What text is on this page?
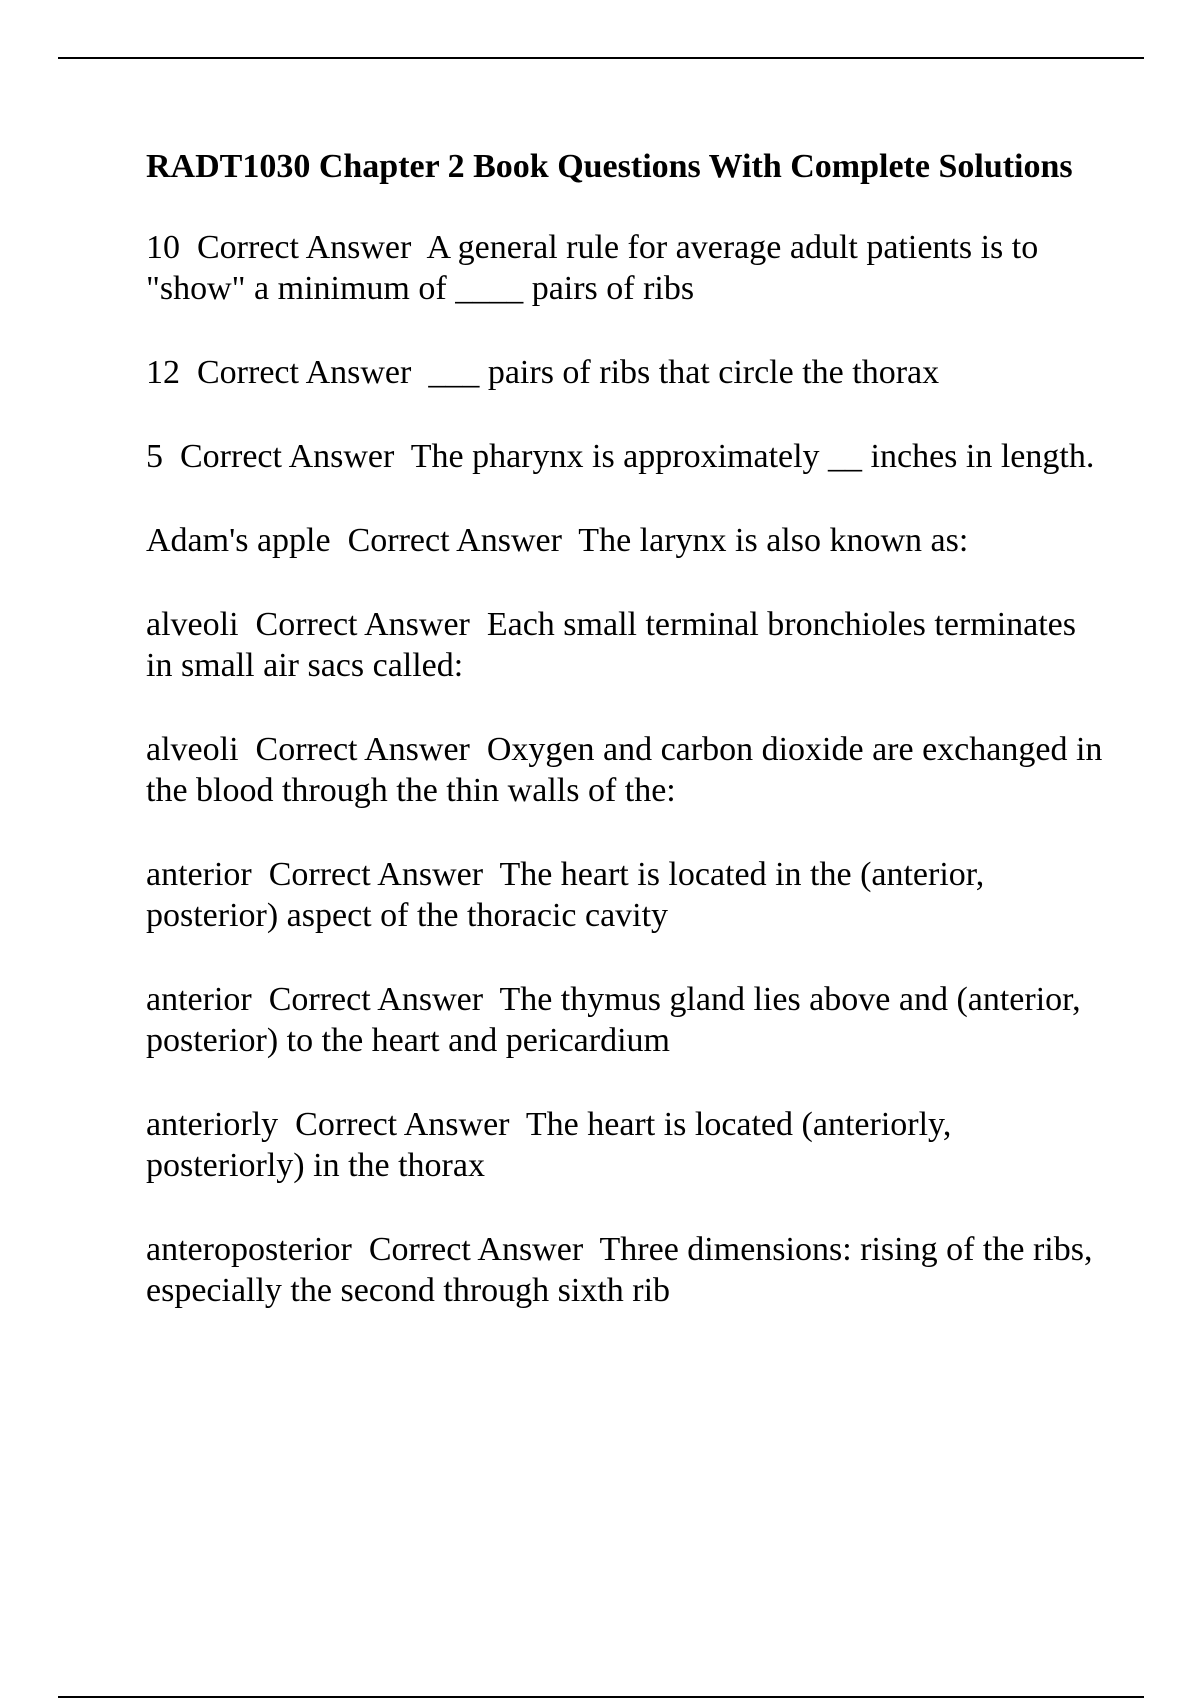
RADT1030 Chapter 2 Book Questions With Complete Solutions

10 Correct Answer A general rule for average adult patients is to "show" a minimum of ____ pairs of ribs

12 Correct Answer ___ pairs of ribs that circle the thorax

5 Correct Answer The pharynx is approximately __ inches in length.

Adam's apple Correct Answer The larynx is also known as:

alveoli Correct Answer Each small terminal bronchioles terminates in small air sacs called:

alveoli Correct Answer Oxygen and carbon dioxide are exchanged in the blood through the thin walls of the:

anterior Correct Answer The heart is located in the (anterior, posterior) aspect of the thoracic cavity

anterior Correct Answer The thymus gland lies above and (anterior, posterior) to the heart and pericardium

anteriorly Correct Answer The heart is located (anteriorly, posteriorly) in the thorax

anteroposterior Correct Answer Three dimensions: rising of the ribs, especially the second through sixth rib
